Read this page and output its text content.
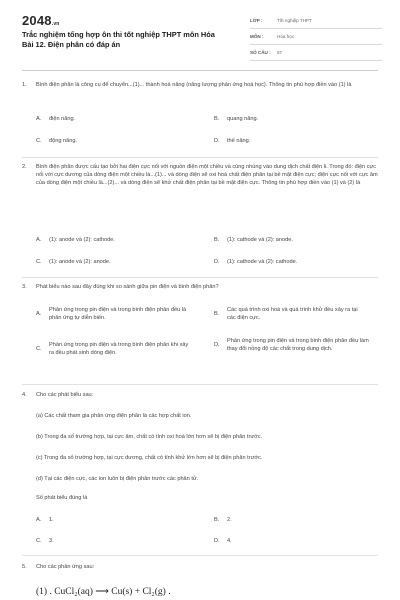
2048.vn
Trắc nghiệm tổng hợp ôn thi tốt nghiệp THPT môn Hóa Bài 12. Điện phân có đáp án
LỚP :	Tốt nghiệp THPT
MÔN :	Hóa học
SỐ CÂU :	67
1.	Bình điện phân là công cụ để chuyển...(1)... thành hoá năng (năng lượng phản ứng hoá học). Thông tin phù hợp điền vào (1) là
A. điện năng.	B. quang năng.
C. động năng.	D. thế năng.
2.	Bình điện phân được cấu tạo bởi hai điện cực nối với nguồn điện một chiều và cùng nhúng vào dung dịch chất điện li. Trong đó: điện cực nối với cực dương của dòng điện một chiều là...(1)... và dòng điện sẽ oxi hoá chất điện phân tại bề mặt điện cực; điện cực nối với cực âm của dòng điện một chiều là...(2)... và dòng điện sẽ khử chất điện phân tại bề mặt điện cực. Thông tin phù hợp điền vào (1) và (2) là
A. (1): anode và (2): cathode.	B. (1): cathode và (2): anode.
C. (1): anode và (2): anode.	D. (1): cathode và (2): cathode.
3.	Phát biểu nào sau đây đúng khi so sánh giữa pin điện và bình điện phân?
A.
Phản ứng trong pin điện và trong bình điện phân đều là phản ứng tự diễn biến.
B.
Các quá trình oxi hoá và quá trình khử đều xảy ra tại các điện cực.
C.
Phản ứng trong pin điện và trong bình điện phân khi xảy ra đều phát sinh dòng điện.
D.
Phản ứng trong pin điện và trong bình điện phân đều làm thay đổi nồng độ các chất trong dung dịch.
4.	Cho các phát biểu sau:
(a) Các chất tham gia phản ứng điện phân là các hợp chất ion.
(b) Trong đa số trường hợp, tại cực âm, chất có tính oxi hoá lớn hơn sẽ bị điện phân trước.
(c) Trong đa số trường hợp, tại cực dương, chất có tính khử lớn hơn sẽ bị điện phân trước.
(d) Tại các điện cực, các ion luôn bị điện phân trước các phân tử.
Số phát biểu đúng là
A. 1.	B. 2.
C. 3.	D. 4.
5.	Cho các phản ứng sau:
(1) . CuCl₂(aq) ⟶ Cu(s) + Cl₂(g) .
